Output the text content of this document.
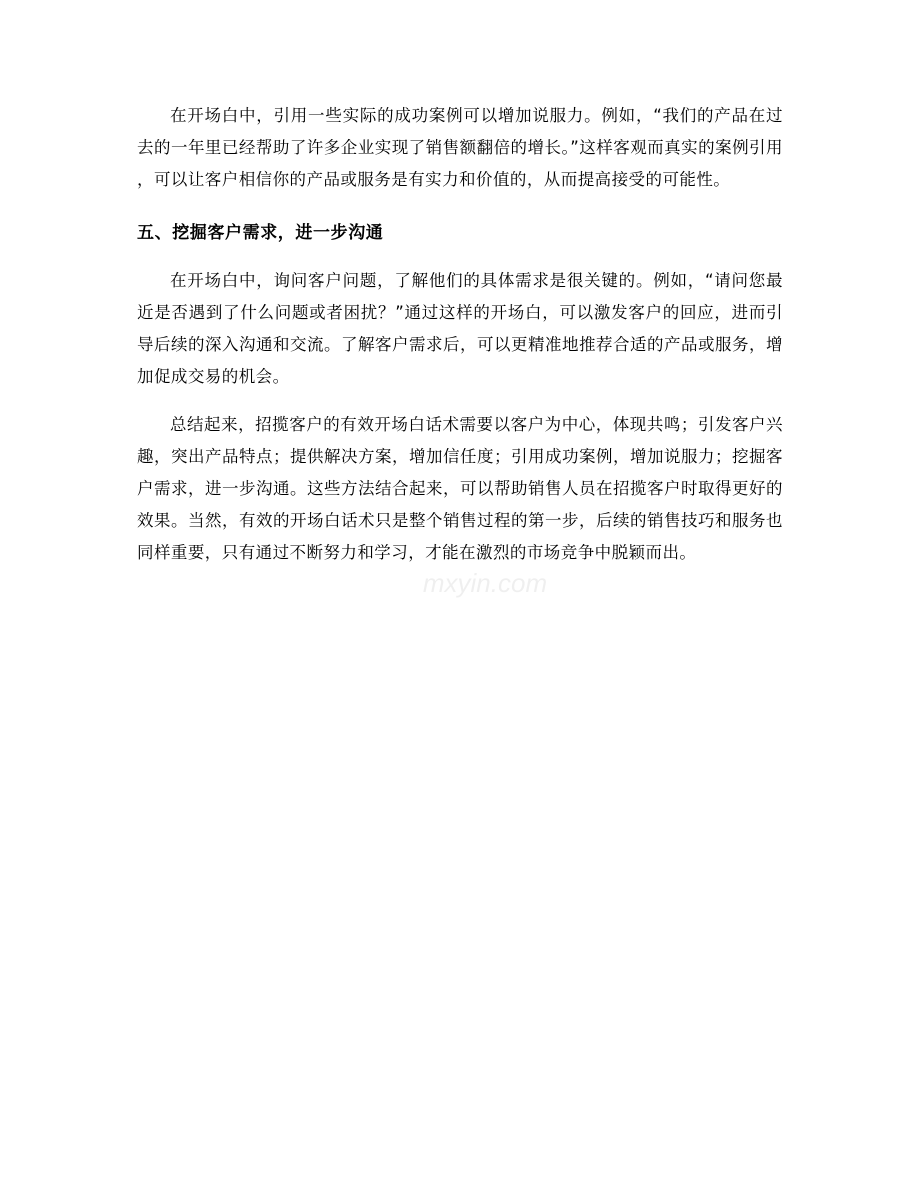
在开场白中，引用一些实际的成功案例可以增加说服力。例如，“我们的产品在过去的一年里已经帮助了许多企业实现了销售额翻倍的增长。”这样客观而真实的案例引用，可以让客户相信你的产品或服务是有实力和价值的，从而提高接受的可能性。

五、挖掘客户需求，进一步沟通

在开场白中，询问客户问题，了解他们的具体需求是很关键的。例如，“请问您最近是否遇到了什么问题或者困扰？”通过这样的开场白，可以激发客户的回应，进而引导后续的深入沟通和交流。了解客户需求后，可以更精准地推荐合适的产品或服务，增加促成交易的机会。

总结起来，招揽客户的有效开场白话术需要以客户为中心，体现共鸣；引发客户兴趣，突出产品特点；提供解决方案，增加信任度；引用成功案例，增加说服力；挖掘客户需求，进一步沟通。这些方法结合起来，可以帮助销售人员在招揽客户时取得更好的效果。当然，有效的开场白话术只是整个销售过程的第一步，后续的销售技巧和服务也同样重要，只有通过不断努力和学习，才能在激烈的市场竞争中脱颖而出。

mxyin.com
